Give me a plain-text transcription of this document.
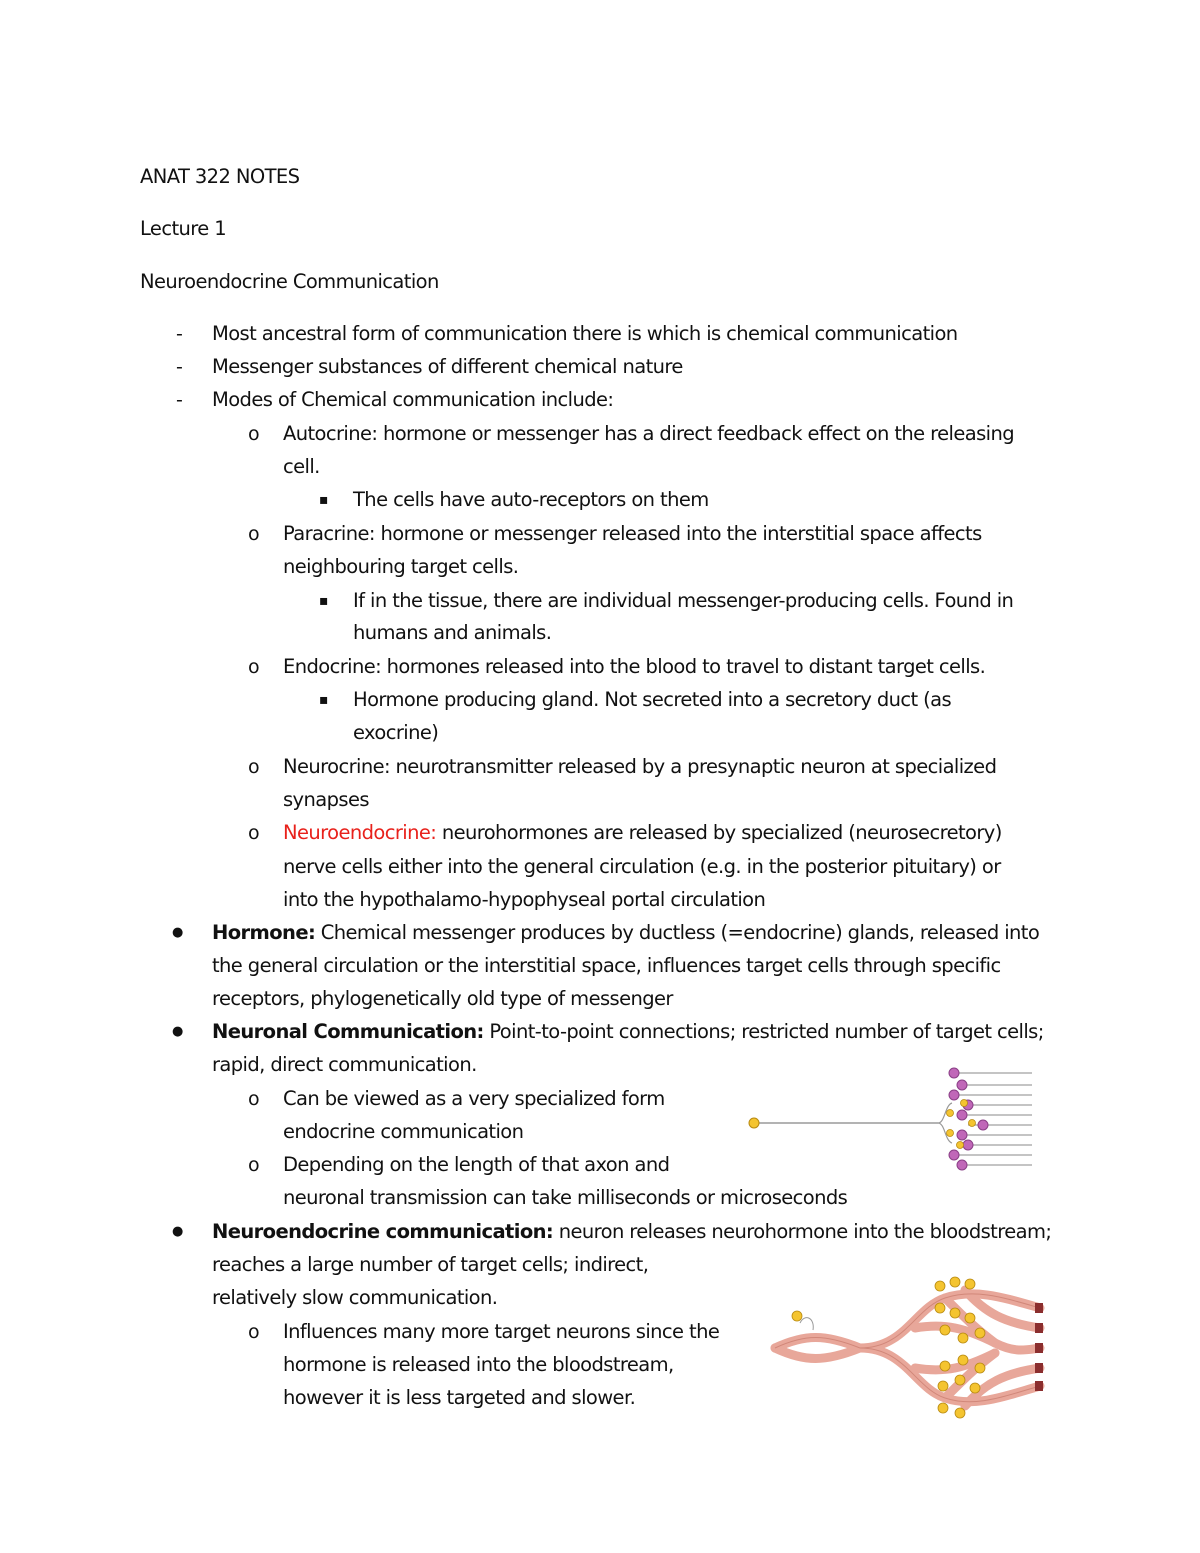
ANAT 322 NOTES
Lecture 1
Neuroendocrine Communication
- Most ancestral form of communication there is which is chemical communication
- Messenger substances of different chemical nature
- Modes of Chemical communication include:
o Autocrine: hormone or messenger has a direct feedback effect on the releasing
cell.
▪ The cells have auto-receptors on them
o Paracrine: hormone or messenger released into the interstitial space affects
neighbouring target cells.
▪ If in the tissue, there are individual messenger-producing cells. Found in
humans and animals.
o Endocrine: hormones released into the blood to travel to distant target cells.
▪ Hormone producing gland. Not secreted into a secretory duct (as
exocrine)
o Neurocrine: neurotransmitter released by a presynaptic neuron at specialized
synapses
o Neuroendocrine: neurohormones are released by specialized (neurosecretory)
nerve cells either into the general circulation (e.g. in the posterior pituitary) or
into the hypothalamo-hypophyseal portal circulation
● Hormone: Chemical messenger produces by ductless (=endocrine) glands, released into
the general circulation or the interstitial space, influences target cells through specific
receptors, phylogenetically old type of messenger
● Neuronal Communication: Point-to-point connections; restricted number of target cells;
rapid, direct communication.
o Can be viewed as a very specialized form
endocrine communication
o Depending on the length of that axon and
neuronal transmission can take milliseconds or microseconds
● Neuroendocrine communication: neuron releases neurohormone into the bloodstream;
reaches a large number of target cells; indirect,
relatively slow communication.
o Influences many more target neurons since the
hormone is released into the bloodstream,
however it is less targeted and slower.
